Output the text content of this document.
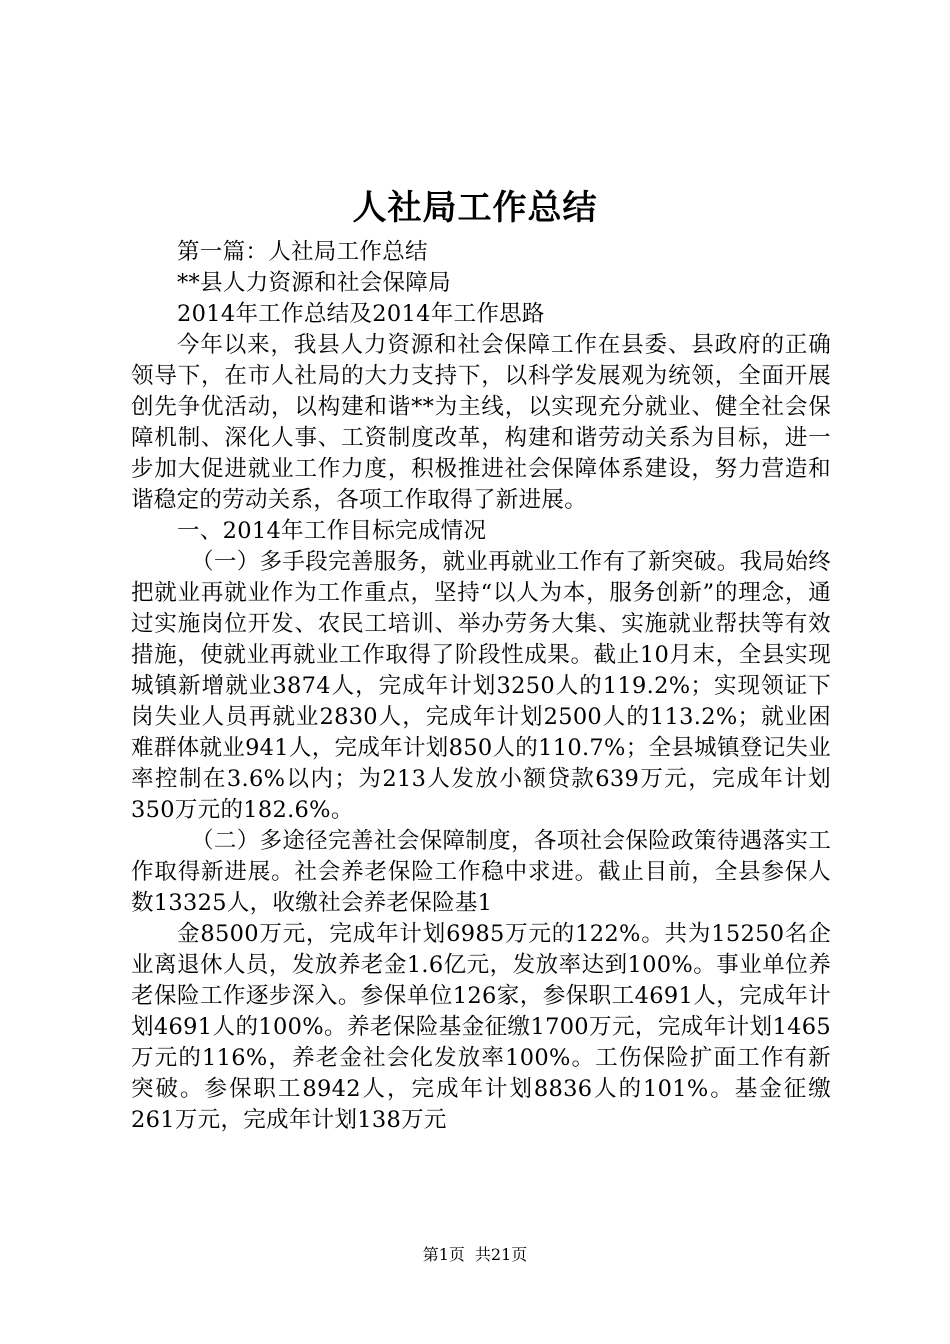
人社局工作总结

第一篇：人社局工作总结

**县人力资源和社会保障局

2014年工作总结及2014年工作思路

今年以来，我县人力资源和社会保障工作在县委、县政府的正确领导下，在市人社局的大力支持下，以科学发展观为统领，全面开展创先争优活动，以构建和谐**为主线，以实现充分就业、健全社会保障机制、深化人事、工资制度改革，构建和谐劳动关系为目标，进一步加大促进就业工作力度，积极推进社会保障体系建设，努力营造和谐稳定的劳动关系，各项工作取得了新进展。

一、2014年工作目标完成情况

（一）多手段完善服务，就业再就业工作有了新突破。我局始终把就业再就业作为工作重点，坚持“以人为本，服务创新”的理念，通过实施岗位开发、农民工培训、举办劳务大集、实施就业帮扶等有效措施，使就业再就业工作取得了阶段性成果。截止10月末，全县实现城镇新增就业3874人，完成年计划3250人的119.2%；实现领证下岗失业人员再就业2830人，完成年计划2500人的113.2%；就业困难群体就业941人，完成年计划850人的110.7%；全县城镇登记失业率控制在3.6%以内；为213人发放小额贷款639万元，完成年计划350万元的182.6%。

（二）多途径完善社会保障制度，各项社会保险政策待遇落实工作取得新进展。社会养老保险工作稳中求进。截止目前，全县参保人数13325人，收缴社会养老保险基1

金8500万元，完成年计划6985万元的122%。共为15250名企业离退休人员，发放养老金1.6亿元，发放率达到100%。事业单位养老保险工作逐步深入。参保单位126家，参保职工4691人，完成年计划4691人的100%。养老保险基金征缴1700万元，完成年计划1465万元的116%，养老金社会化发放率100%。工伤保险扩面工作有新突破。参保职工8942人，完成年计划8836人的101%。基金征缴261万元，完成年计划138万元

第1页 共21页
